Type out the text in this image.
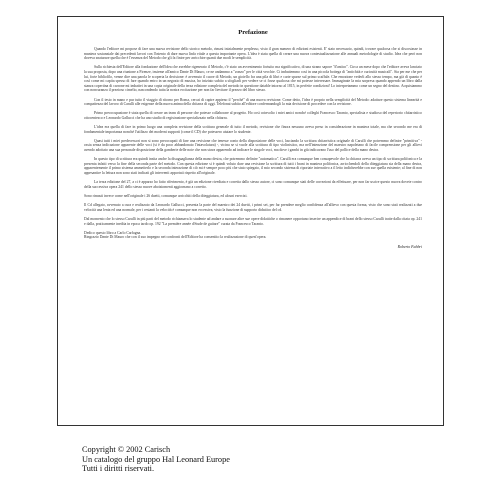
Prefazione

Quando l'editore mi propose di fare una nuova revisione dello storico metodo, rimasi inizialmente perplesso, visto il gran numero di edizioni esistenti. E' stato necessario, quindi, trovare qualcosa che si discostasse in maniera sostanziale dai precedenti lavori con l'intento di dare nuova linfa vitale a questa importante opera. L'idea è stata quella di creare una nuova contestualizzazione alle annuali metodologie di studio. Idea che però non doveva snaturare quella che è l'essenza del Metodo che gli fa finire per arricchire quanti due modi le semplicità.

Sulla richiesta dell'Editore alla fondazione dell'idea che avrebbe rigenerato il Metodo, c'è stato un avvenimento fortuito ma significativo, di una strano sapore "d'antico". Circa un mese dopo che l'editore aveva lanciato la sua proposta, dopo una riunione a Firenze, insieme all'amico Dante Di Mauro, ce ne andammo a "zonzo" per le città vecchie. Ci imbattemmo così in una piccola bottega di "antichità e curiosità musicali". Sia per me che per lui, forte bibliofilo, venne dire una parola le scoperta la decisione: è avvenuto il cuore di Metodo, un gioiello fra una pila di libri e carte sparse sul primo scaffale. Che emozione vederli allo stesso tempo, ma già di quanto è così come mi capita spesso di fare quando entro in un negozio di musica, ho iniziato subito a sfogliarli per vedere se ci fosse qualcosa che mi potesse interessare. Immaginate la mia sorpresa quando appendo un libro dalla stanza copertina di carrone mi imbattei in una copia originale della terza edizione completa del metodo in questione datable intorno al 1815, in perfette condizioni! Lo interpretammo come un segno del destino. Acquistammo con noncuranza il prezioso cimelio, nascondendo tutta la nostra eccitazione per non far lievitare il prezzo del libro stesso.

Con il testo in mano e pur tutto il viaggio di ritorno per Roma, cercai di capire appieno il "perché" di una nuova revisione. Come detto, l'idea è proprio nella semplicità del Metodo: adattare questo sistema linearità e compattezza del lavoro di Carulli alle esigenze della nuova anima della chitarra di oggi. Telefonai subito all'editore confermandogli la mia decisione di procedere con la revisione.

Primo preoccupazione è stata quella di creare un team di persone che potesse collaborare al progetto. Ho così coinvolto i miei amici nonché colleghi Francesco Taranto, specialista e studioso del repertorio chitarristico ottocentesco e Leonardo Gallucci che ha uno studio di registrazione specializzato nella chitarra.

L'idea era quella di fare in primo luogo una completa revisione della scrittura generale di tutto il metodo, revisione che finora nessuno aveva preso in considerazione in maniera totale, ma che secondo me era di fondamentale importanza nonché l'utilizzo dei moderni supporti (come il CD) che potessero aiutare lo studente.

Quasi tutti i miei predecessori non si sono preoccupati di fare una revisione che tenesse conto della disposizione delle voci, lasciando la scrittura chitarristica originale di Carulli che potremmo definire "primitiva" - ossia senza indicazione apparente delle voci (si è da poco abbandonato l'intavolatura) -, vicina se si vuole alla scrittura di tipo violinistico, ma nell'intenzione del maestro napoletano di facile comprensione per gli allievi avendo adottato una sua personale disposizione della gamberie delle note che non stava apparendo ad indicare le singole voci, ma dove i gambi in giù indicavano l'uso del pollice della mano destra.

In questo tipo di scrittura era quindi insita anche la disuguaglianza della mano destra, che potremmo definire "automatico". Carulli era comunque ben consapevole che la chitarra aveva un tipo di scrittura polifonica e la presenta infatti verso la fine della seconda parte del metodo. Con questa edizione si è quindi voluto dare una revisione la scrittura di tutti i brani in maniera polifonica, arricchendoli della diteggiatura sia della mano destra, apparentemente il primo sistema ammetterlo e la seconda interazione di ciò mi è sempre poco più che stato spiegato, il mio secondo sistema di riportate interrativo a il letto indicherebbe con sue quella esistente; al fine di non appesantire la lettura non sono stati indicati gli interventi apportati rispetto all'originale.

La terza edizione del 27, a ci è apparso ho fatto riferimento, è già un edizione rivedtata e corretta dallo stesso autore, ci sono comunque stati delle correzioni da effettuare, per non far uscire questo nuova dovete contro della successiva opera 241 dello stesso nuove aboiziomenti aggiornano a corretto.

Sono rimasti invece come nell'originale i 26 duetti, comunque arricchiti della diteggiatura, ed alcuni esercizi.

Il Cd allegato, avvenuto a cura e realizzato da Leonardo Gallucci, presenta la parte del maestro dei 24 duetti, i primi sei, per far prendere meglio confidenza all'allievo con questa forma, visto che sono stati realizzati a due velocità una lenta ed una normale, per i restanti la velocità è comunque non eccessiva, visto la funzione di supporto didattico del cd.

Dal momento che lo stesso Carulli in più parti del metodo richiamava lo studente ad andare a suonare altre sue opere didattiche o rimanere opportuno inserire un appendice di brani dello stesso Carulli tratte dalla citata op. 241 e dalla, praticamente inedita in epoca tardo op. 192 "La premiére année d'étude de guitare" curata da Francesco Taranto.

Dedico questo libro a Carlo Carfagna.

Ringrazio Dante Di Mauro che con il suo impegno nei confronti dell'Editore ha consentito la realizzazione di quest'opera.

Roberto Fabbri
Copyright © 2002 Carisch
Un catalogo del gruppo Hal Leonard Europe
Tutti i diritti riservati.
